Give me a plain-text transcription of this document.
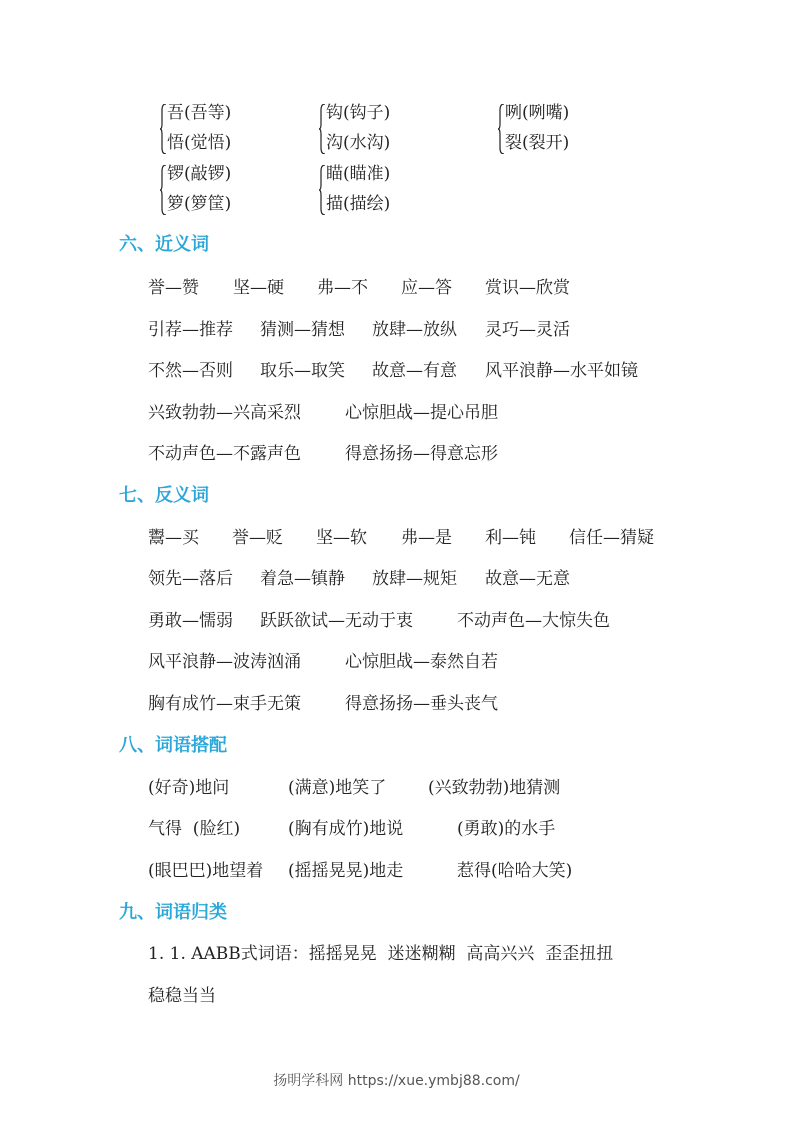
吾(吾等)
悟(觉悟)
钩(钩子)
沟(水沟)
咧(咧嘴)
裂(裂开)
锣(敲锣)
箩(箩筐)
瞄(瞄准)
描(描绘)
六、近义词
誉—赞 坚—硬 弗—不 应—答 赏识—欣赏
引荐—推荐 猜测—猜想 放肆—放纵 灵巧—灵活
不然—否则 取乐—取笑 故意—有意 风平浪静—水平如镜
兴致勃勃—兴高采烈	心惊胆战—提心吊胆
不动声色—不露声色	得意扬扬—得意忘形
七、反义词
鬻—买 誉—贬 坚—软 弗—是 利—钝 信任—猜疑
领先—落后 着急—镇静 放肆—规矩 故意—无意
勇敢—懦弱 跃跃欲试—无动于衷	不动声色—大惊失色
风平浪静—波涛汹涌	心惊胆战—泰然自若
胸有成竹—束手无策	得意扬扬—垂头丧气
八、词语搭配
(好奇)地问	(满意)地笑了 (兴致勃勃)地猜测
气得  (脸红)	(胸有成竹)地说	(勇敢)的水手
(眼巴巴)地望着 (摇摇晃晃)地走	惹得(哈哈大笑)
九、词语归类
1. 1. AABB式词语：摇摇晃晃  迷迷糊糊  高高兴兴  歪歪扭扭
稳稳当当
扬明学科网 https://xue.ymbj88.com/
